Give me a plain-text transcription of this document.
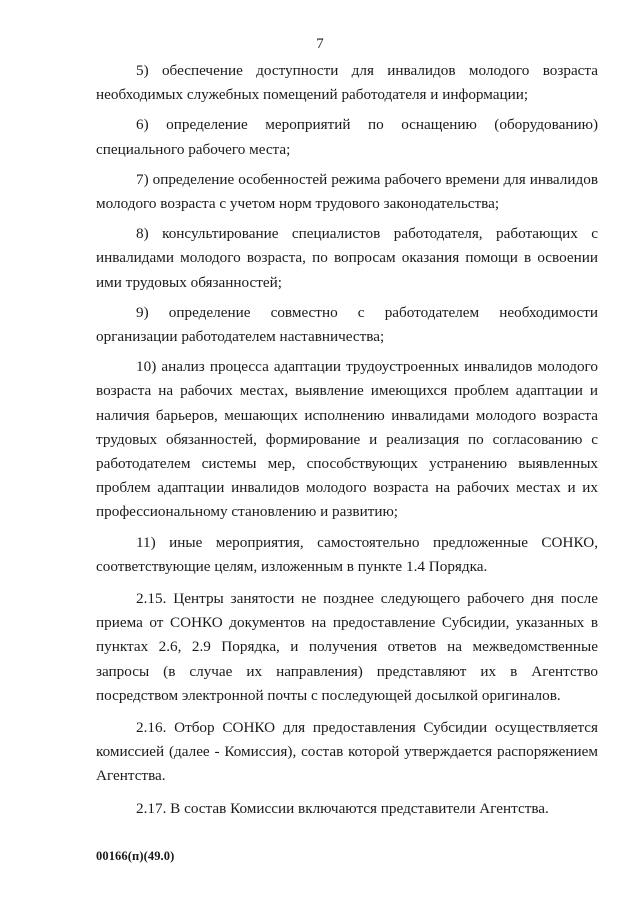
7

5) обеспечение доступности для инвалидов молодого возраста необходимых служебных помещений работодателя и информации;

6) определение мероприятий по оснащению (оборудованию) специального рабочего места;

7) определение особенностей режима рабочего времени для инвалидов молодого возраста с учетом норм трудового законодательства;

8) консультирование специалистов работодателя, работающих с инвалидами молодого возраста, по вопросам оказания помощи в освоении ими трудовых обязанностей;

9) определение совместно с работодателем необходимости организации работодателем наставничества;

10) анализ процесса адаптации трудоустроенных инвалидов молодого возраста на рабочих местах, выявление имеющихся проблем адаптации и наличия барьеров, мешающих исполнению инвалидами молодого возраста трудовых обязанностей, формирование и реализация по согласованию с работодателем системы мер, способствующих устранению выявленных проблем адаптации инвалидов молодого возраста на рабочих местах и их профессиональному становлению и развитию;

11) иные мероприятия, самостоятельно предложенные СОНКО, соответствующие целям, изложенным в пункте 1.4 Порядка.

2.15. Центры занятости не позднее следующего рабочего дня после приема от СОНКО документов на предоставление Субсидии, указанных в пунктах 2.6, 2.9 Порядка, и получения ответов на межведомственные запросы (в случае их направления) представляют их в Агентство посредством электронной почты с последующей досылкой оригиналов.

2.16. Отбор СОНКО для предоставления Субсидии осуществляется комиссией (далее - Комиссия), состав которой утверждается распоряжением Агентства.

2.17. В состав Комиссии включаются представители Агентства.

00166(п)(49.0)
